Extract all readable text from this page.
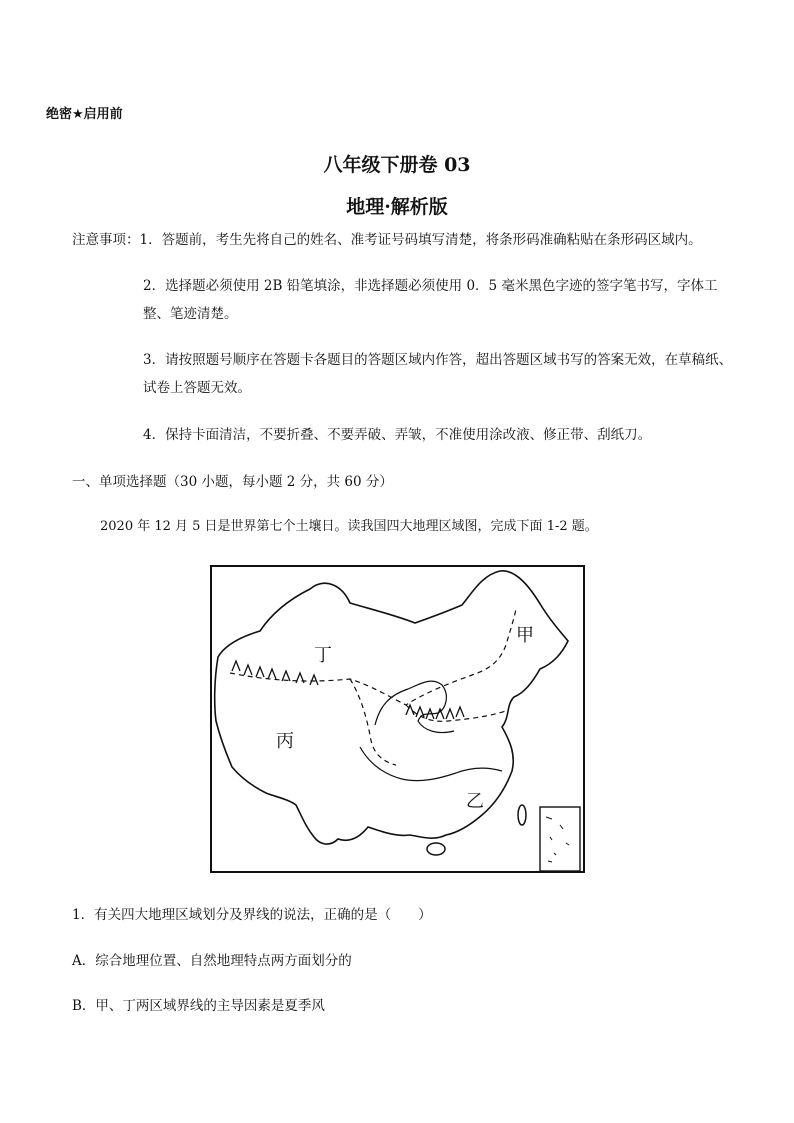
绝密★启用前
八年级下册卷 03
地理·解析版
注意事项：1．答题前，考生先将自己的姓名、准考证号码填写清楚，将条形码准确粘贴在条形码区域内。
2．选择题必须使用 2B 铅笔填涂，非选择题必须使用 0．5 毫米黑色字迹的签字笔书写，字体工整、笔迹清楚。
3．请按照题号顺序在答题卡各题目的答题区域内作答，超出答题区域书写的答案无效，在草稿纸、试卷上答题无效。
4．保持卡面清洁，不要折叠、不要弄破、弄皱，不准使用涂改液、修正带、刮纸刀。
一、单项选择题（30 小题，每小题 2 分，共 60 分）
2020 年 12 月 5 日是世界第七个土壤日。读我国四大地理区域图，完成下面 1-2 题。
丁
甲
丙
乙
1．有关四大地理区域划分及界线的说法，正确的是（　　）
A．综合地理位置、自然地理特点两方面划分的
B．甲、丁两区域界线的主导因素是夏季风
